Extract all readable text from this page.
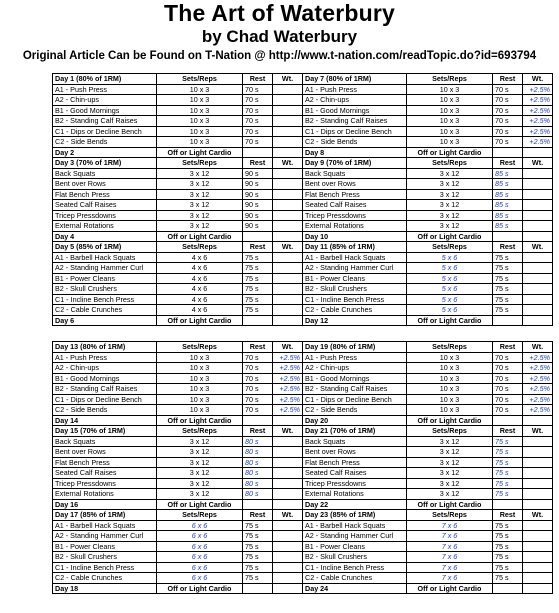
The Art of Waterbury
by Chad Waterbury
Original Article Can be Found on T-Nation @ http://www.t-nation.com/readTopic.do?id=693794
Day 1 (80% of 1RM)	Sets/Reps	Rest	Wt.
A1 - Push Press	10 x 3	70 s	
A2 - Chin-ups	10 x 3	70 s	
B1 - Good Mornings	10 x 3	70 s	
B2 - Standing Calf Raises	10 x 3	70 s	
C1 - Dips or Decline Bench	10 x 3	70 s	
C2 - Side Bends	10 x 3	70 s	
Day 2	Off or Light Cardio		
Day 3 (70% of 1RM)	Sets/Reps	Rest	Wt.
Back Squats	3 x 12	90 s	
Bent over Rows	3 x 12	90 s	
Flat Bench Press	3 x 12	90 s	
Seated Calf Raises	3 x 12	90 s	
Tricep Pressdowns	3 x 12	90 s	
External Rotations	3 x 12	90 s	
Day 4	Off or Light Cardio		
Day 5 (85% of 1RM)	Sets/Reps	Rest	Wt.
A1 - Barbell Hack Squats	4 x 6	75 s	
A2 - Standing Hammer Curl	4 x 6	75 s	
B1 - Power Cleans	4 x 6	75 s	
B2 - Skull Crushers	4 x 6	75 s	
C1 - Incline Bench Press	4 x 6	75 s	
C2 - Cable Crunches	4 x 6	75 s	
Day 6	Off or Light Cardio		
Day 7 (80% of 1RM)	Sets/Reps	Rest	Wt.
A1 - Push Press	10 x 3	70 s	+2.5%
A2 - Chin-ups	10 x 3	70 s	+2.5%
B1 - Good Mornings	10 x 3	70 s	+2.5%
B2 - Standing Calf Raises	10 x 3	70 s	+2.5%
C1 - Dips or Decline Bench	10 x 3	70 s	+2.5%
C2 - Side Bends	10 x 3	70 s	+2.5%
Day 8	Off or Light Cardio		
Day 9 (70% of 1RM)	Sets/Reps	Rest	Wt.
Back Squats	3 x 12	85 s	
Bent over Rows	3 x 12	85 s	
Flat Bench Press	3 x 12	85 s	
Seated Calf Raises	3 x 12	85 s	
Tricep Pressdowns	3 x 12	85 s	
External Rotations	3 x 12	85 s	
Day 10	Off or Light Cardio		
Day 11 (85% of 1RM)	Sets/Reps	Rest	Wt.
A1 - Barbell Hack Squats	5 x 6	75 s	
A2 - Standing Hammer Curl	5 x 6	75 s	
B1 - Power Cleans	5 x 6	75 s	
B2 - Skull Crushers	5 x 6	75 s	
C1 - Incline Bench Press	5 x 6	75 s	
C2 - Cable Crunches	5 x 6	75 s	
Day 12	Off or Light Cardio		
Day 13 (80% of 1RM)	Sets/Reps	Rest	Wt.
A1 - Push Press	10 x 3	70 s	+2.5%
A2 - Chin-ups	10 x 3	70 s	+2.5%
B1 - Good Mornings	10 x 3	70 s	+2.5%
B2 - Standing Calf Raises	10 x 3	70 s	+2.5%
C1 - Dips or Decline Bench	10 x 3	70 s	+2.5%
C2 - Side Bends	10 x 3	70 s	+2.5%
Day 14	Off or Light Cardio		
Day 15 (70% of 1RM)	Sets/Reps	Rest	Wt.
Back Squats	3 x 12	80 s	
Bent over Rows	3 x 12	80 s	
Flat Bench Press	3 x 12	80 s	
Seated Calf Raises	3 x 12	80 s	
Tricep Pressdowns	3 x 12	80 s	
External Rotations	3 x 12	80 s	
Day 16	Off or Light Cardio		
Day 17 (85% of 1RM)	Sets/Reps	Rest	Wt.
A1 - Barbell Hack Squats	6 x 6	75 s	
A2 - Standing Hammer Curl	6 x 6	75 s	
B1 - Power Cleans	6 x 6	75 s	
B2 - Skull Crushers	6 x 6	75 s	
C1 - Incline Bench Press	6 x 6	75 s	
C2 - Cable Crunches	6 x 6	75 s	
Day 18	Off or Light Cardio		
Day 19 (80% of 1RM)	Sets/Reps	Rest	Wt.
A1 - Push Press	10 x 3	70 s	+2.5%
A2 - Chin-ups	10 x 3	70 s	+2.5%
B1 - Good Mornings	10 x 3	70 s	+2.5%
B2 - Standing Calf Raises	10 x 3	70 s	+2.5%
C1 - Dips or Decline Bench	10 x 3	70 s	+2.5%
C2 - Side Bends	10 x 3	70 s	+2.5%
Day 20	Off or Light Cardio		
Day 21 (70% of 1RM)	Sets/Reps	Rest	Wt.
Back Squats	3 x 12	75 s	
Bent over Rows	3 x 12	75 s	
Flat Bench Press	3 x 12	75 s	
Seated Calf Raises	3 x 12	75 s	
Tricep Pressdowns	3 x 12	75 s	
External Rotations	3 x 12	75 s	
Day 22	Off or Light Cardio		
Day 23 (85% of 1RM)	Sets/Reps	Rest	Wt.
A1 - Barbell Hack Squats	7 x 6	75 s	
A2 - Standing Hammer Curl	7 x 6	75 s	
B1 - Power Cleans	7 x 6	75 s	
B2 - Skull Crushers	7 x 6	75 s	
C1 - Incline Bench Press	7 x 6	75 s	
C2 - Cable Crunches	7 x 6	75 s	
Day 24	Off or Light Cardio		
